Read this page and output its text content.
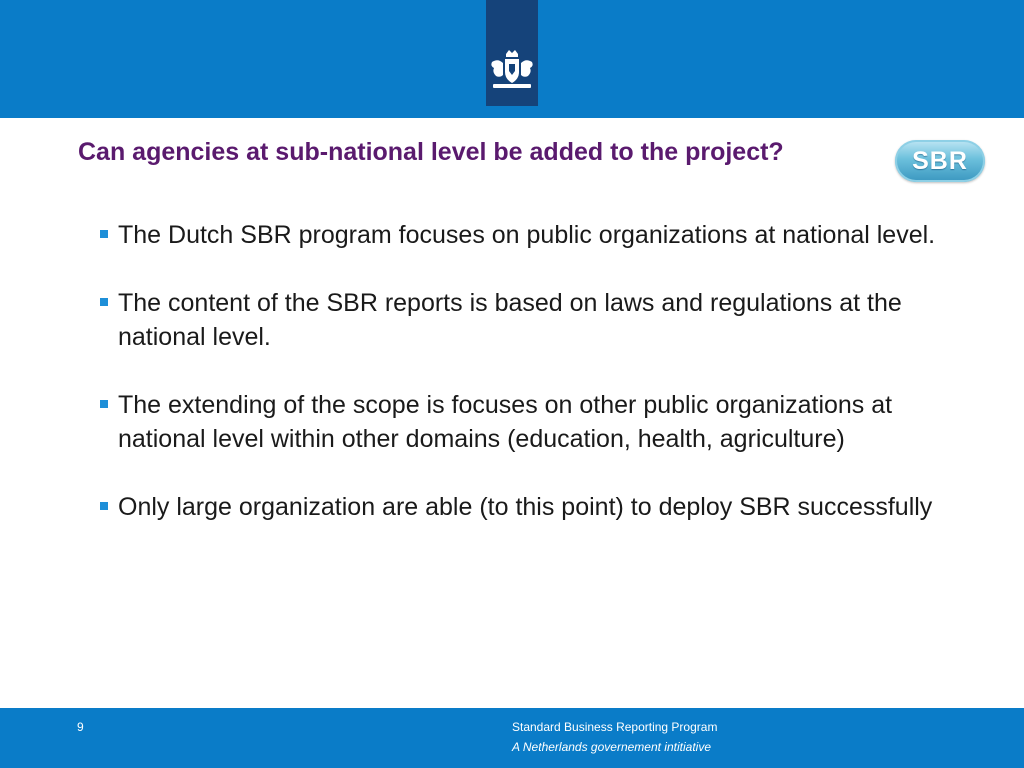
Can agencies at sub-national level be added to the project?	SBR
The Dutch SBR program focuses on public organizations at national level.
The content of the SBR reports is based on laws and regulations at the national level.
The extending of the scope is focuses on other public organizations at national level within other domains (education, health, agriculture)
Only large organization are able (to this point) to deploy SBR successfully
9	Standard Business Reporting Program
A Netherlands governement intitiative
